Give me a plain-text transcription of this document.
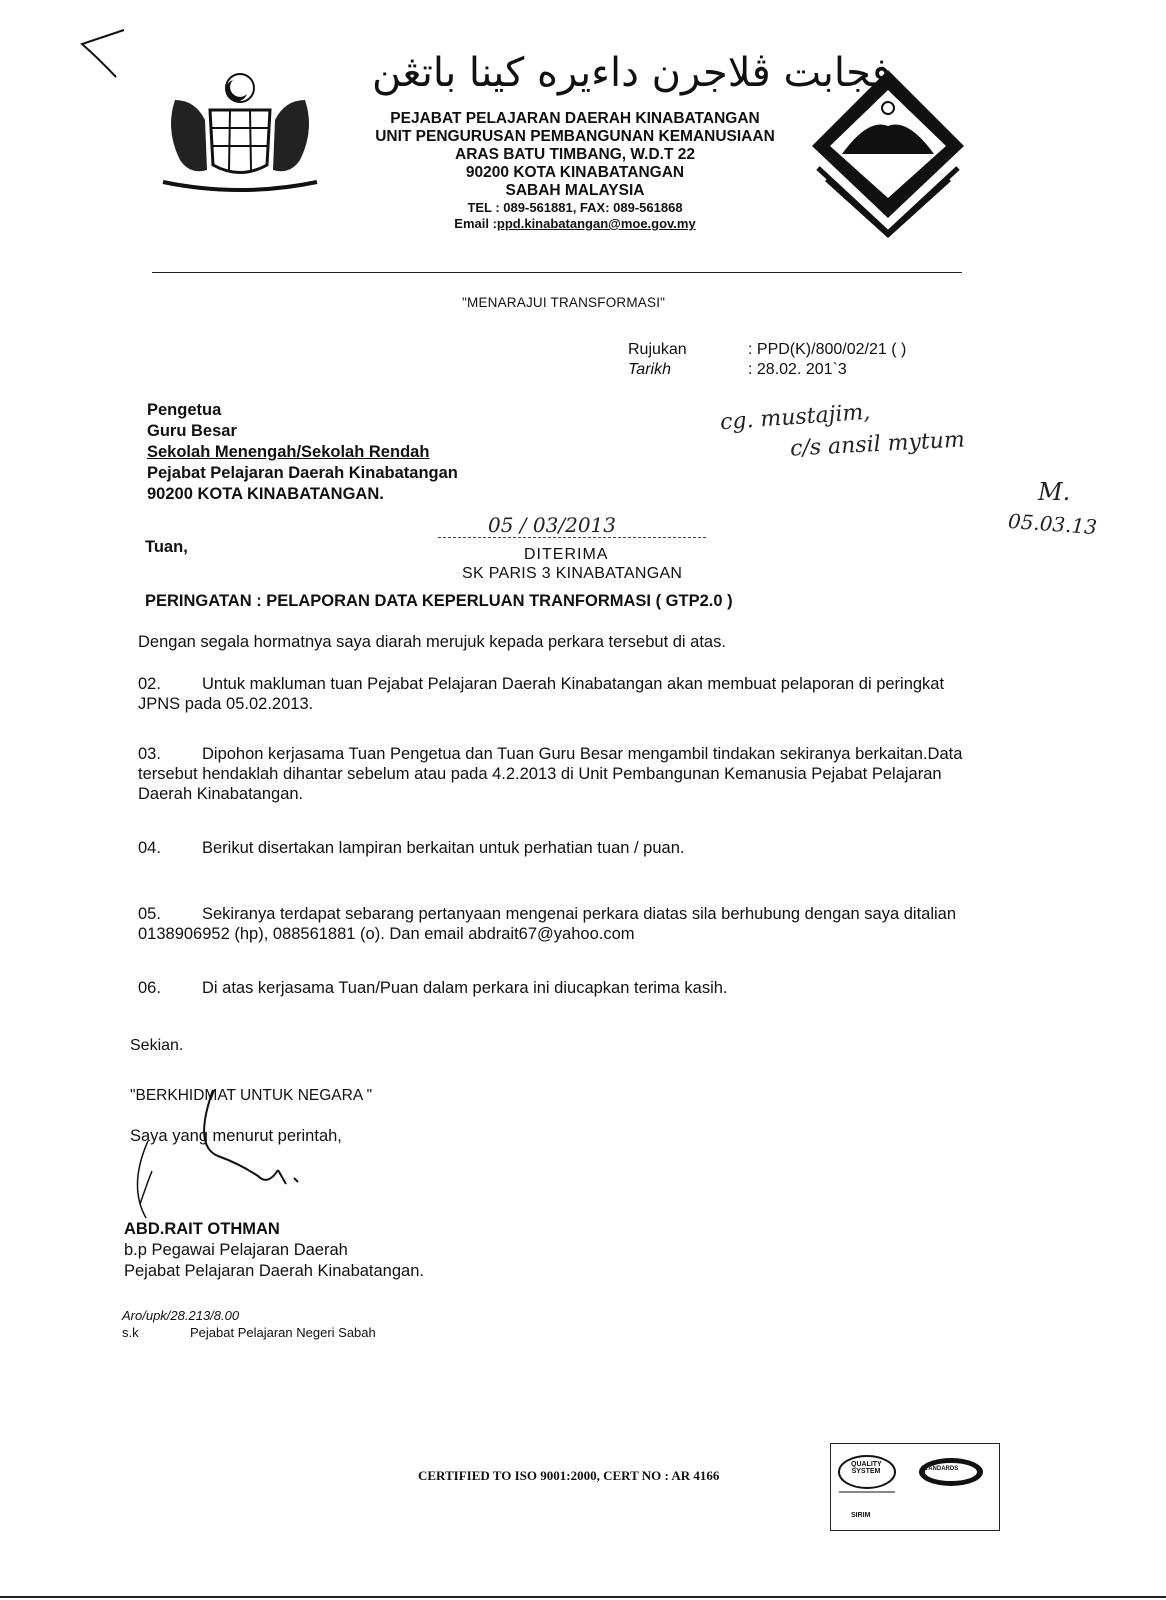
فجابت ڤلاجرن داءيره كينا باتڠن
PEJABAT PELAJARAN DAERAH KINABATANGAN
UNIT PENGURUSAN PEMBANGUNAN KEMANUSIAAN
ARAS BATU TIMBANG, W.D.T 22
90200 KOTA KINABATANGAN
SABAH MALAYSIA
TEL : 089-561881, FAX: 089-561868
Email :ppd.kinabatangan@moe.gov.my
"MENARAJUI TRANSFORMASI"
Rujukan
Tarikh
: PPD(K)/800/02/21 ( )
: 28.02. 201`3
Pengetua
Guru Besar
Sekolah Menengah/Sekolah Rendah
Pejabat Pelajaran Daerah Kinabatangan
90200 KOTA KINABATANGAN.
cg. mustajim,
c/s ansil mytum
M.
05.03.13
Tuan,
05 / 03/2013
DITERIMA
SK PARIS 3 KINABATANGAN
PERINGATAN : PELAPORAN DATA KEPERLUAN TRANFORMASI ( GTP2.0 )
Dengan segala hormatnya saya diarah merujuk kepada perkara tersebut di atas.
02. Untuk makluman tuan Pejabat Pelajaran Daerah Kinabatangan akan membuat pelaporan di peringkat JPNS pada 05.02.2013.
03. Dipohon kerjasama Tuan Pengetua dan Tuan Guru Besar mengambil tindakan sekiranya berkaitan.Data tersebut hendaklah dihantar sebelum atau pada 4.2.2013 di Unit Pembangunan Kemanusia Pejabat Pelajaran Daerah Kinabatangan.
04. Berikut disertakan lampiran berkaitan untuk perhatian tuan / puan.
05. Sekiranya terdapat sebarang pertanyaan mengenai perkara diatas sila berhubung dengan saya ditalian 0138906952 (hp), 088561881 (o). Dan email abdrait67@yahoo.com
06. Di atas kerjasama Tuan/Puan dalam perkara ini diucapkan terima kasih.
Sekian.
"BERKHIDMAT UNTUK NEGARA "
Saya yang menurut perintah,
ABD.RAIT OTHMAN
b.p Pegawai Pelajaran Daerah
Pejabat Pelajaran Daerah Kinabatangan.
Aro/upk/28.213/8.00
s.k	Pejabat Pelajaran Negeri Sabah
CERTIFIED TO ISO 9001:2000, CERT NO : AR 4166
QUALITY SYSTEM	STANDARDS
SIRIM
